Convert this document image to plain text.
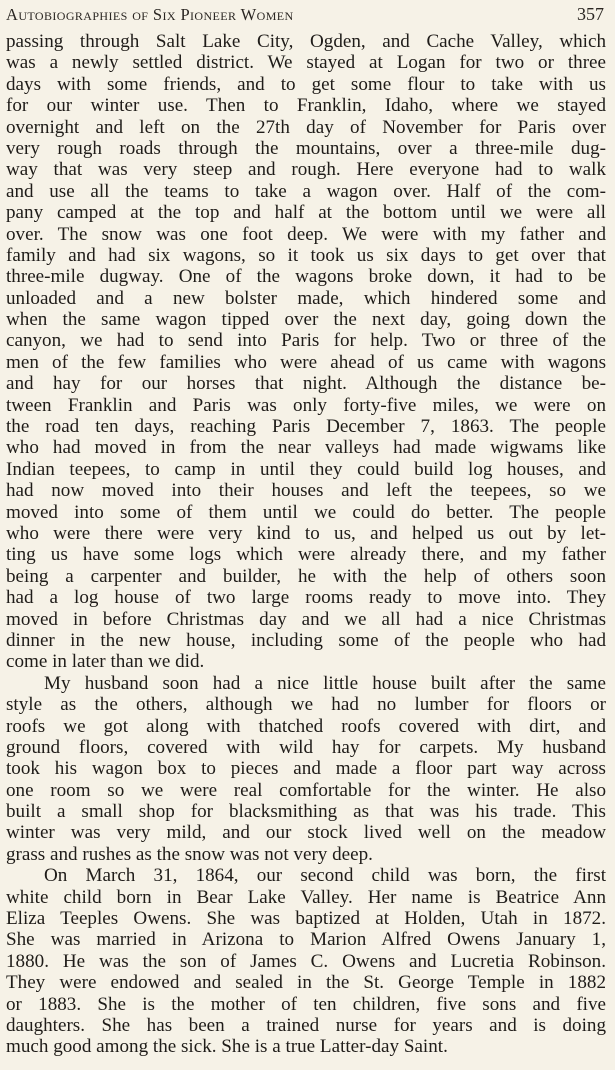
Autobiographies of Six Pioneer Women	357
passing through Salt Lake City, Ogden, and Cache Valley, which
was a newly settled district. We stayed at Logan for two or three
days with some friends, and to get some flour to take with us
for our winter use. Then to Franklin, Idaho, where we stayed
overnight and left on the 27th day of November for Paris over
very rough roads through the mountains, over a three-mile dug-
way that was very steep and rough. Here everyone had to walk
and use all the teams to take a wagon over. Half of the com-
pany camped at the top and half at the bottom until we were all
over. The snow was one foot deep. We were with my father and
family and had six wagons, so it took us six days to get over that
three-mile dugway. One of the wagons broke down, it had to be
unloaded and a new bolster made, which hindered some and
when the same wagon tipped over the next day, going down the
canyon, we had to send into Paris for help. Two or three of the
men of the few families who were ahead of us came with wagons
and hay for our horses that night. Although the distance be-
tween Franklin and Paris was only forty-five miles, we were on
the road ten days, reaching Paris December 7, 1863. The people
who had moved in from the near valleys had made wigwams like
Indian teepees, to camp in until they could build log houses, and
had now moved into their houses and left the teepees, so we
moved into some of them until we could do better. The people
who were there were very kind to us, and helped us out by let-
ting us have some logs which were already there, and my father
being a carpenter and builder, he with the help of others soon
had a log house of two large rooms ready to move into. They
moved in before Christmas day and we all had a nice Christmas
dinner in the new house, including some of the people who had
come in later than we did.
My husband soon had a nice little house built after the same
style as the others, although we had no lumber for floors or
roofs we got along with thatched roofs covered with dirt, and
ground floors, covered with wild hay for carpets. My husband
took his wagon box to pieces and made a floor part way across
one room so we were real comfortable for the winter. He also
built a small shop for blacksmithing as that was his trade. This
winter was very mild, and our stock lived well on the meadow
grass and rushes as the snow was not very deep.
On March 31, 1864, our second child was born, the first
white child born in Bear Lake Valley. Her name is Beatrice Ann
Eliza Teeples Owens. She was baptized at Holden, Utah in 1872.
She was married in Arizona to Marion Alfred Owens January 1,
1880. He was the son of James C. Owens and Lucretia Robinson.
They were endowed and sealed in the St. George Temple in 1882
or 1883. She is the mother of ten children, five sons and five
daughters. She has been a trained nurse for years and is doing
much good among the sick. She is a true Latter-day Saint.
